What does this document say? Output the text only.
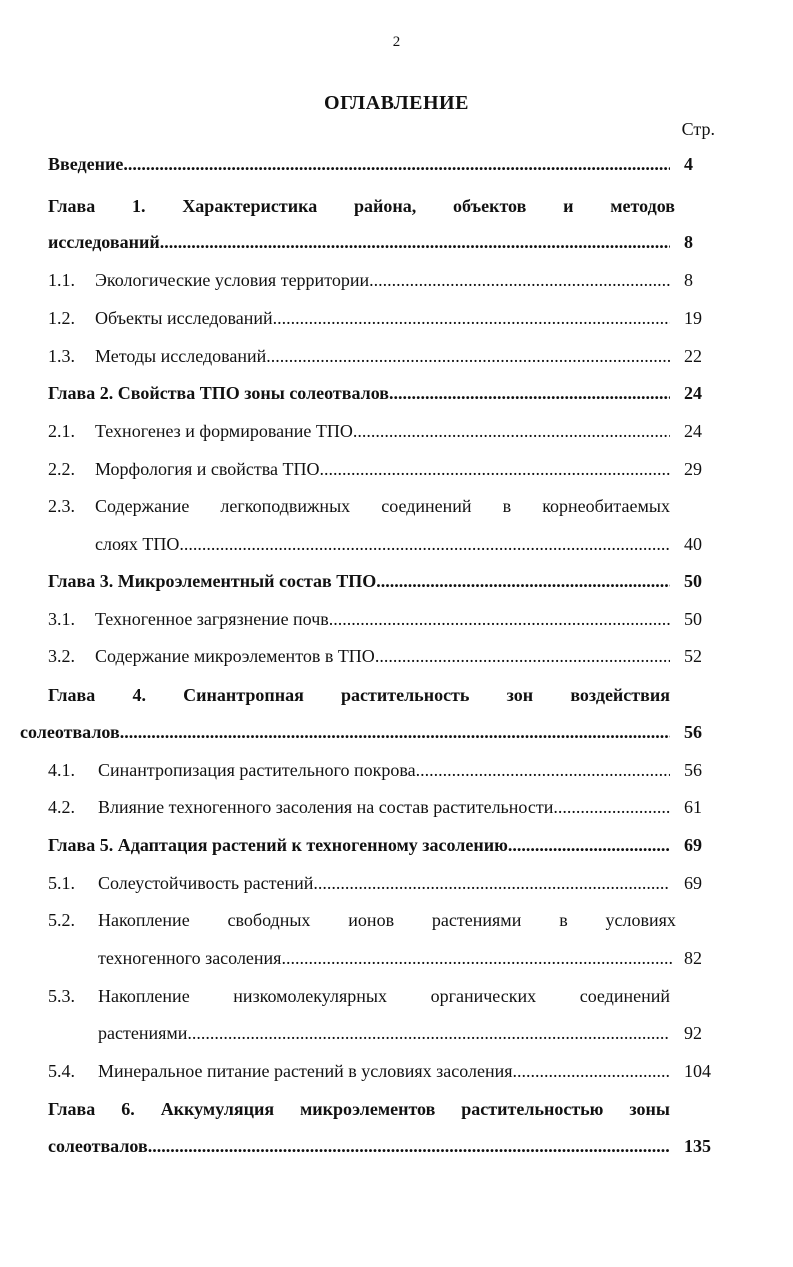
2
ОГЛАВЛЕНИЕ
Стр.
Введение .....	4
Глава 1. Характеристика района, объектов и методов
исследований .....	8
1.1.	Экологические условия территории .....	8
1.2.	Объекты исследований .....	19
1.3.	Методы исследований .....	22
Глава 2. Свойства ТПО зоны солеотвалов .....	24
2.1.	Техногенез и формирование ТПО .....	24
2.2.	Морфология и свойства ТПО .....	29
2.3.	Содержание легкоподвижных соединений в корнеобитаемых
слоях ТПО .....	40
Глава 3. Микроэлементный состав ТПО .....	50
3.1.	Техногенное загрязнение почв .....	50
3.2.	Содержание микроэлементов в ТПО .....	52
Глава 4. Синантропная растительность зон воздействия
солеотвалов .....	56
4.1.	Синантропизация растительного покрова .....	56
4.2.	Влияние техногенного засоления на состав растительности .....	61
Глава 5. Адаптация растений к техногенному засолению .....	69
5.1.	Солеустойчивость растений .....	69
5.2.	Накопление свободных ионов растениями в условиях
техногенного засоления .....	82
5.3.	Накопление низкомолекулярных органических соединений
растениями .....	92
5.4.	Минеральное питание растений в условиях засоления .....	104
Глава 6. Аккумуляция микроэлементов растительностью зоны
солеотвалов .....	135
